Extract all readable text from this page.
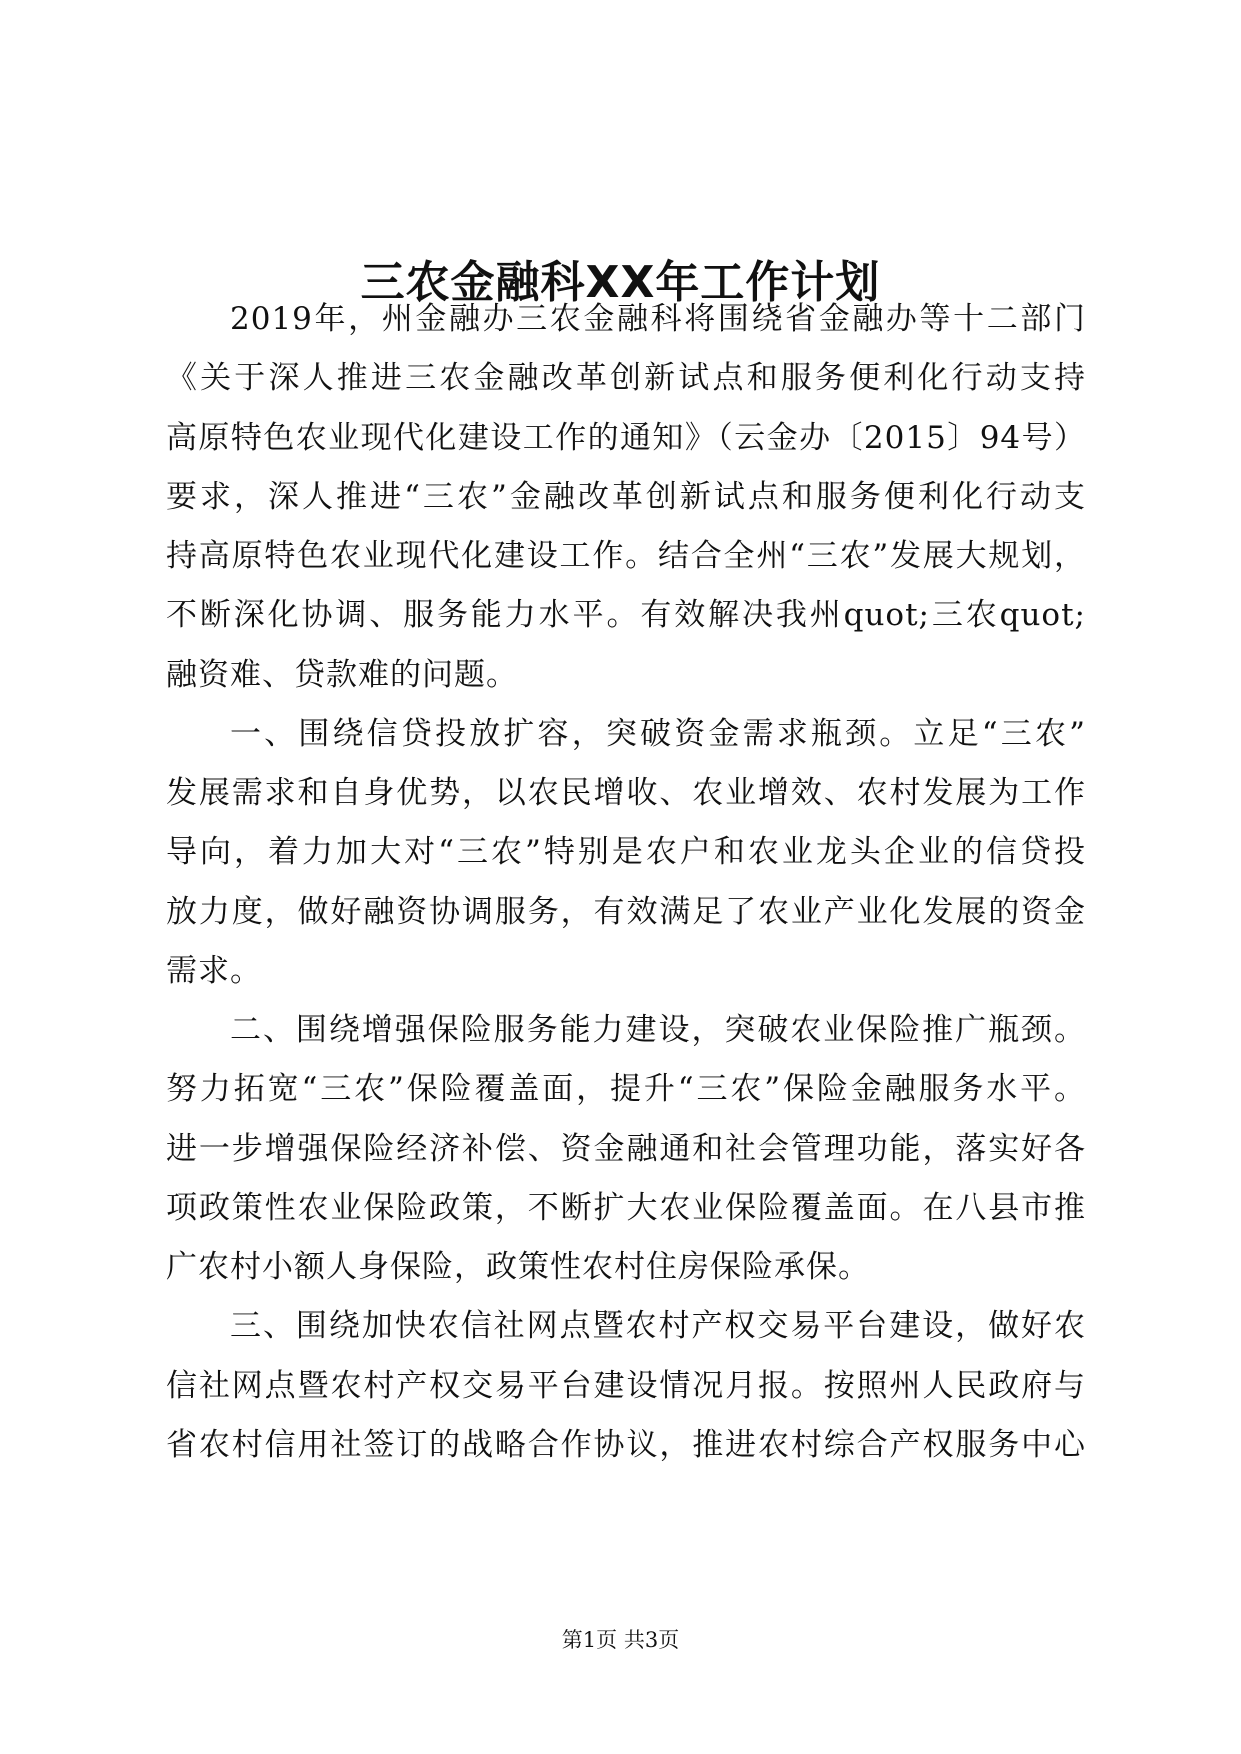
三农金融科XX年工作计划
2019年，州金融办三农金融科将围绕省金融办等十二部门
《关于深人推进三农金融改革创新试点和服务便利化行动支持
高原特色农业现代化建设工作的通知》（云金办〔2015〕94号）
要求，深人推进“三农”金融改革创新试点和服务便利化行动支
持高原特色农业现代化建设工作。结合全州“三农”发展大规划，
不断深化协调、服务能力水平。有效解决我州quot;三农quot;
融资难、贷款难的问题。
一、围绕信贷投放扩容，突破资金需求瓶颈。立足“三农”
发展需求和自身优势，以农民增收、农业增效、农村发展为工作
导向，着力加大对“三农”特别是农户和农业龙头企业的信贷投
放力度，做好融资协调服务，有效满足了农业产业化发展的资金
需求。
二、围绕增强保险服务能力建设，突破农业保险推广瓶颈。
努力拓宽“三农”保险覆盖面，提升“三农”保险金融服务水平。
进一步增强保险经济补偿、资金融通和社会管理功能，落实好各
项政策性农业保险政策，不断扩大农业保险覆盖面。在八县市推
广农村小额人身保险，政策性农村住房保险承保。
三、围绕加快农信社网点暨农村产权交易平台建设，做好农
信社网点暨农村产权交易平台建设情况月报。按照州人民政府与
省农村信用社签订的战略合作协议，推进农村综合产权服务中心
第1页 共3页
